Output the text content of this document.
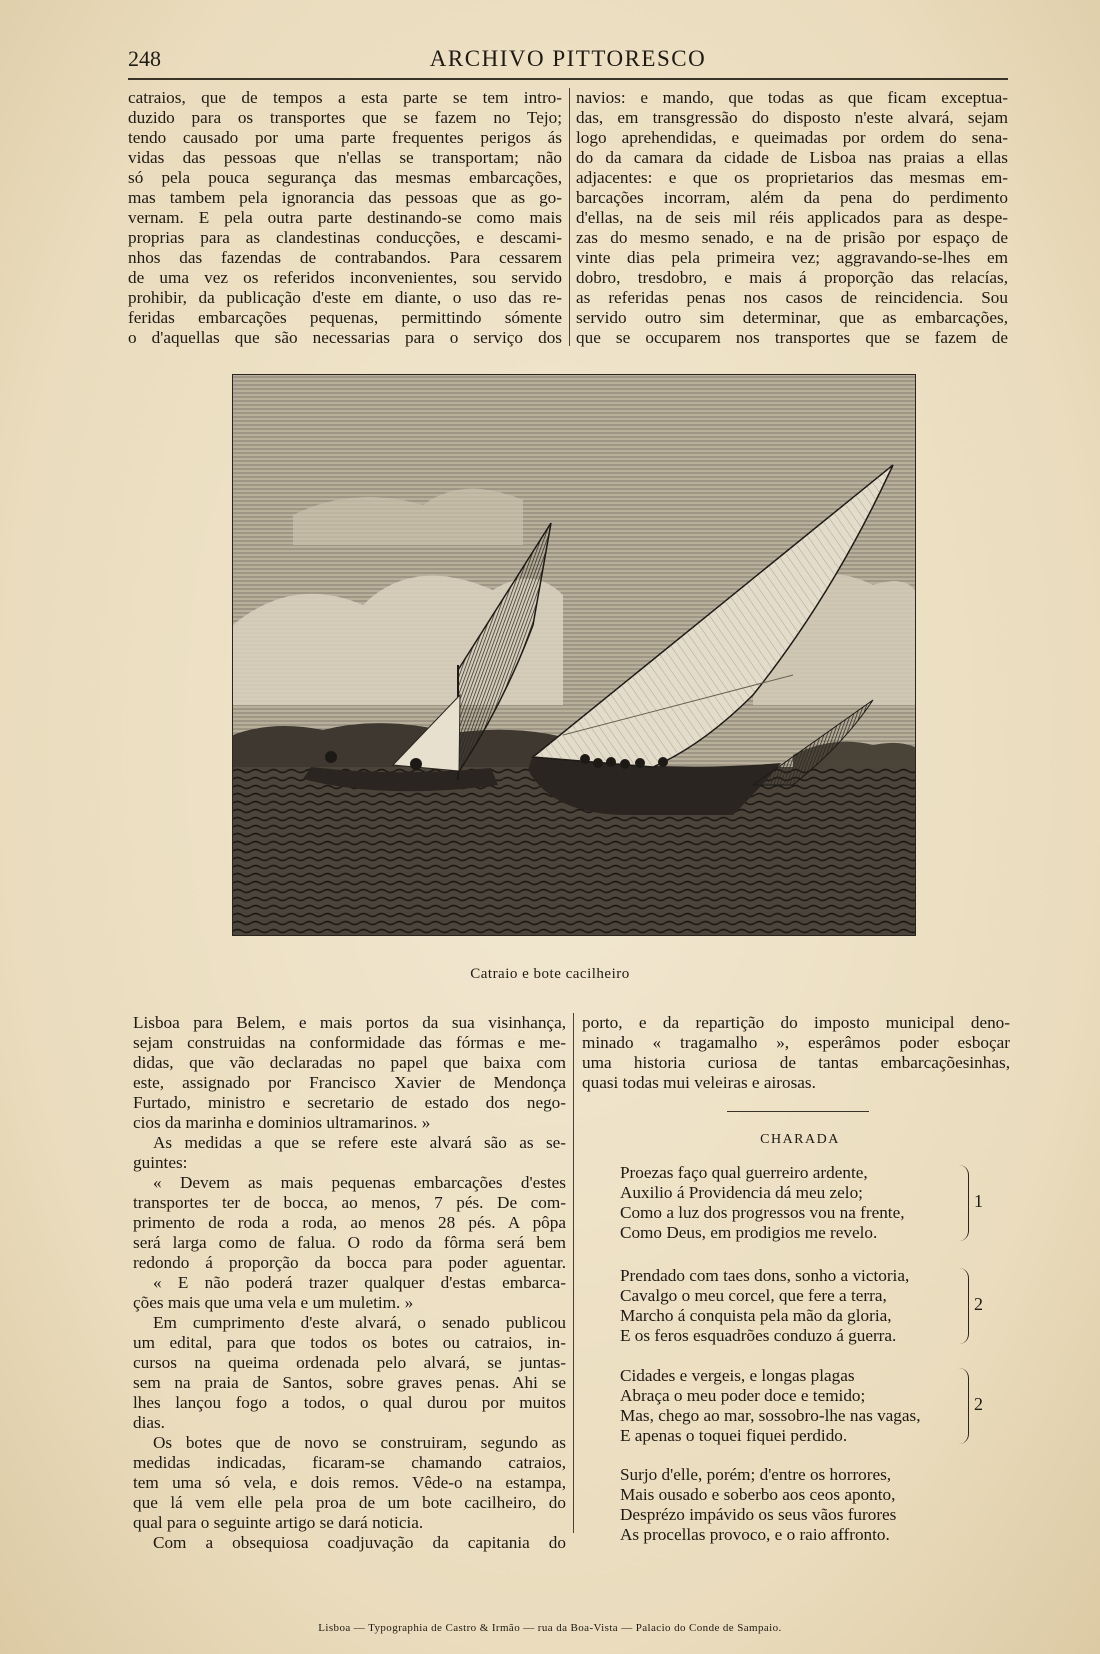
248	ARCHIVO PITTORESCO

catraios, que de tempos a esta parte se tem intro-

duzido para os transportes que se fazem no Tejo;

tendo causado por uma parte frequentes perigos ás

vidas das pessoas que n'ellas se transportam; não

só pela pouca segurança das mesmas embarcações,

mas tambem pela ignorancia das pessoas que as go-

vernam. E pela outra parte destinando-se como mais

proprias para as clandestinas conducções, e descami-

nhos das fazendas de contrabandos. Para cessarem

de uma vez os referidos inconvenientes, sou servido

prohibir, da publicação d'este em diante, o uso das re-

feridas embarcações pequenas, permittindo sómente

o d'aquellas que são necessarias para o serviço dos

navios: e mando, que todas as que ficam exceptua-

das, em transgressão do disposto n'este alvará, sejam

logo aprehendidas, e queimadas por ordem do sena-

do da camara da cidade de Lisboa nas praias a ellas

adjacentes: e que os proprietarios das mesmas em-

barcações incorram, além da pena do perdimento

d'ellas, na de seis mil réis applicados para as despe-

zas do mesmo senado, e na de prisão por espaço de

vinte dias pela primeira vez; aggravando-se-lhes em

dobro, tresdobro, e mais á proporção das relacías,

as referidas penas nos casos de reincidencia. Sou

servido outro sim determinar, que as embarcações,

que se occuparem nos transportes que se fazem de

Catraio e bote cacilheiro

Lisboa para Belem, e mais portos da sua visinhança,

sejam construidas na conformidade das fórmas e me-

didas, que vão declaradas no papel que baixa com

este, assignado por Francisco Xavier de Mendonça

Furtado, ministro e secretario de estado dos nego-

cios da marinha e dominios ultramarinos. »

As medidas a que se refere este alvará são as se-

guintes:

« Devem as mais pequenas embarcações d'estes

transportes ter de bocca, ao menos, 7 pés. De com-

primento de roda a roda, ao menos 28 pés. A pôpa

será larga como de falua. O rodo da fôrma será bem

redondo á proporção da bocca para poder aguentar.

« E não poderá trazer qualquer d'estas embarca-

ções mais que uma vela e um muletim. »

Em cumprimento d'este alvará, o senado publicou

um edital, para que todos os botes ou catraios, in-

cursos na queima ordenada pelo alvará, se juntas-

sem na praia de Santos, sobre graves penas. Ahi se

lhes lançou fogo a todos, o qual durou por muitos

dias.

Os botes que de novo se construiram, segundo as

medidas indicadas, ficaram-se chamando catraios,

tem uma só vela, e dois remos. Vêde-o na estampa,

que lá vem elle pela proa de um bote cacilheiro, do

qual para o seguinte artigo se dará noticia.

Com a obsequiosa coadjuvação da capitania do

porto, e da repartição do imposto municipal deno-

minado « tragamalho », esperâmos poder esboçar

uma historia curiosa de tantas embarcaçõesinhas,

quasi todas mui veleiras e airosas.

CHARADA
Proezas faço qual guerreiro ardente,
Auxilio á Providencia dá meu zelo;
Como a luz dos progressos vou na frente,
Como Deus, em prodigios me revelo.
1
Prendado com taes dons, sonho a victoria,
Cavalgo o meu corcel, que fere a terra,
Marcho á conquista pela mão da gloria,
E os feros esquadrões conduzo á guerra.
2
Cidades e vergeis, e longas plagas
Abraça o meu poder doce e temido;
Mas, chego ao mar, sossobro-lhe nas vagas,
E apenas o toquei fiquei perdido.
2
Surjo d'elle, porém; d'entre os horrores,
Mais ousado e soberbo aos ceos aponto,
Desprézo impávido os seus vãos furores
As procellas provoco, e o raio affronto.
Lisboa — Typographia de Castro & Irmão — rua da Boa-Vista — Palacio do Conde de Sampaio.
